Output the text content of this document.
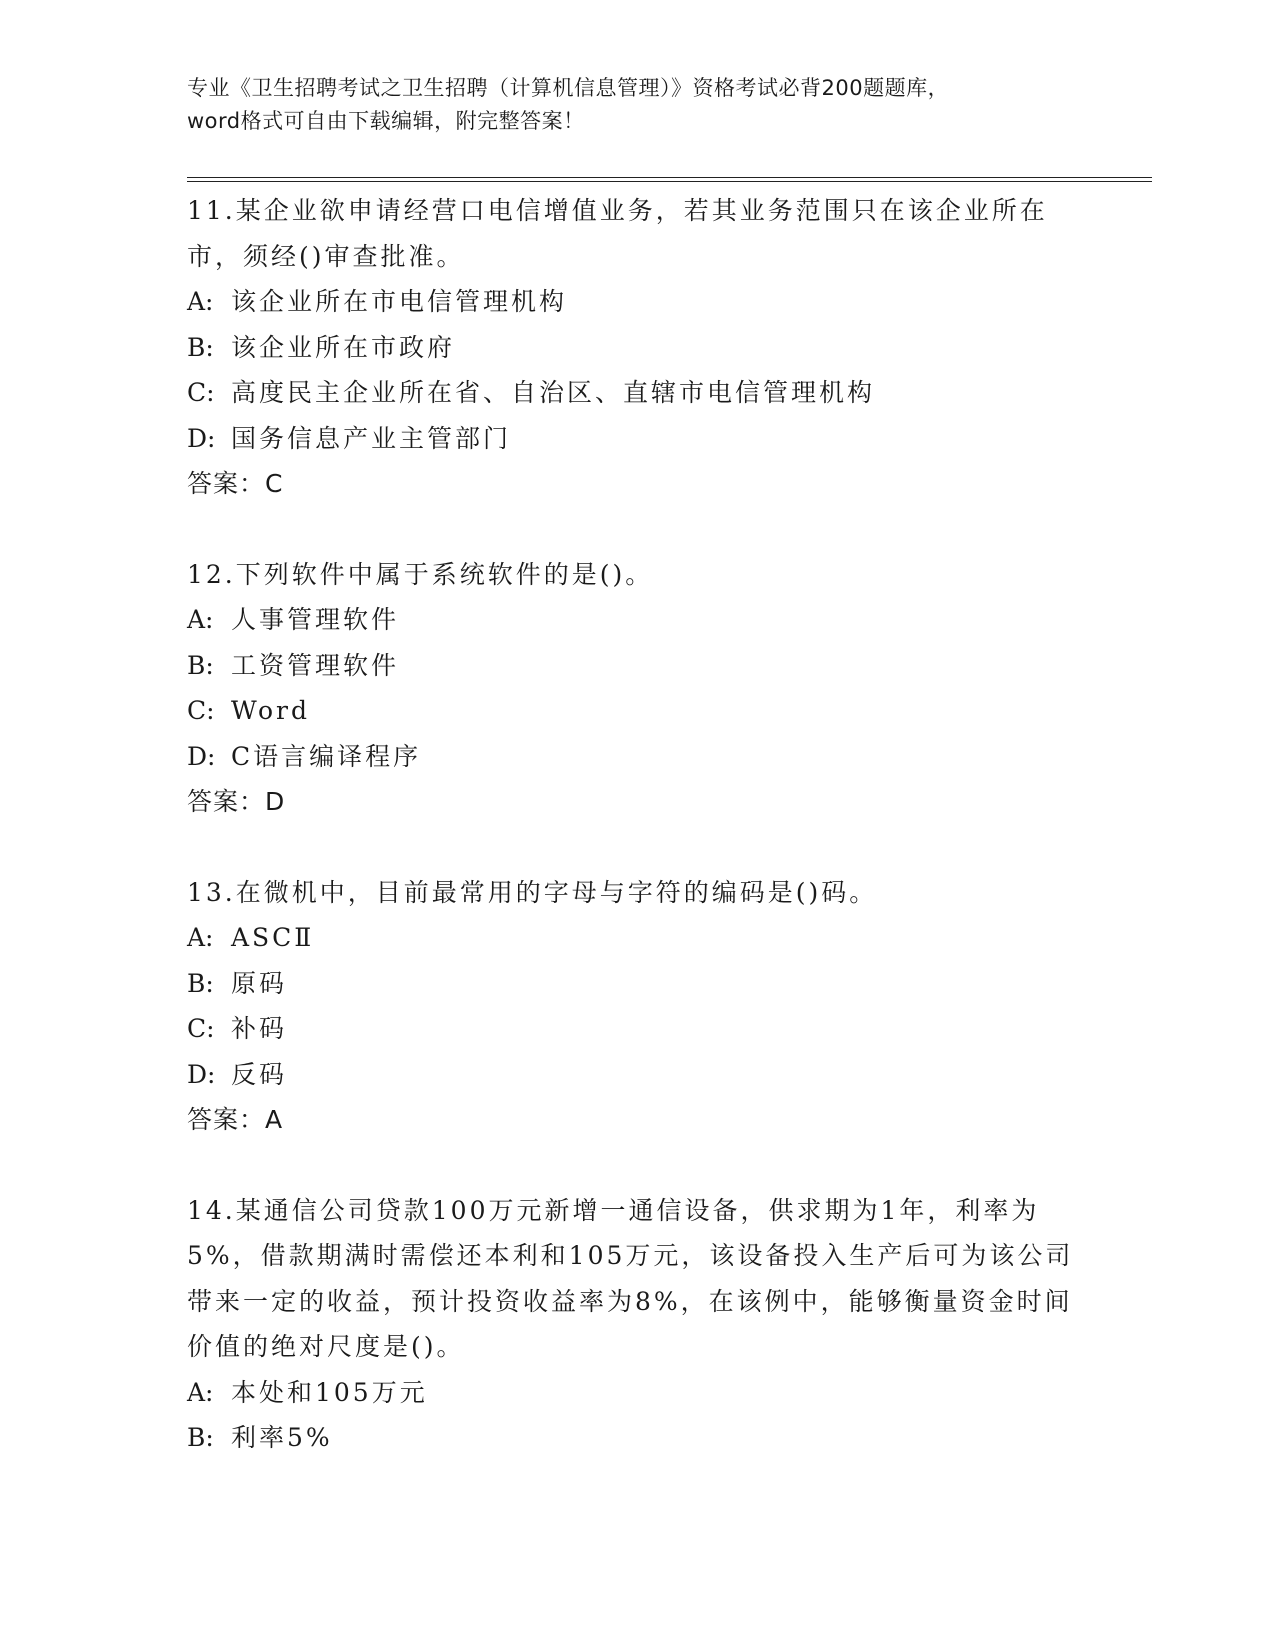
专业《卫生招聘考试之卫生招聘（计算机信息管理）》资格考试必背200题题库，
word格式可自由下载编辑，附完整答案！

11.某企业欲申请经营口电信增值业务，若其业务范围只在该企业所在市，须经()审查批准。

A: 该企业所在市电信管理机构

B: 该企业所在市政府

C: 高度民主企业所在省、自治区、直辖市电信管理机构

D: 国务信息产业主管部门

答案：C

12.下列软件中属于系统软件的是()。

A: 人事管理软件

B: 工资管理软件

C: Word

D: C语言编译程序

答案：D

13.在微机中，目前最常用的字母与字符的编码是()码。

A: ASCⅡ

B: 原码

C: 补码

D: 反码

答案：A

14.某通信公司贷款100万元新增一通信设备，供求期为1年，利率为5%，借款期满时需偿还本利和105万元，该设备投入生产后可为该公司带来一定的收益，预计投资收益率为8%，在该例中，能够衡量资金时间价值的绝对尺度是()。

A: 本处和105万元

B: 利率5%
